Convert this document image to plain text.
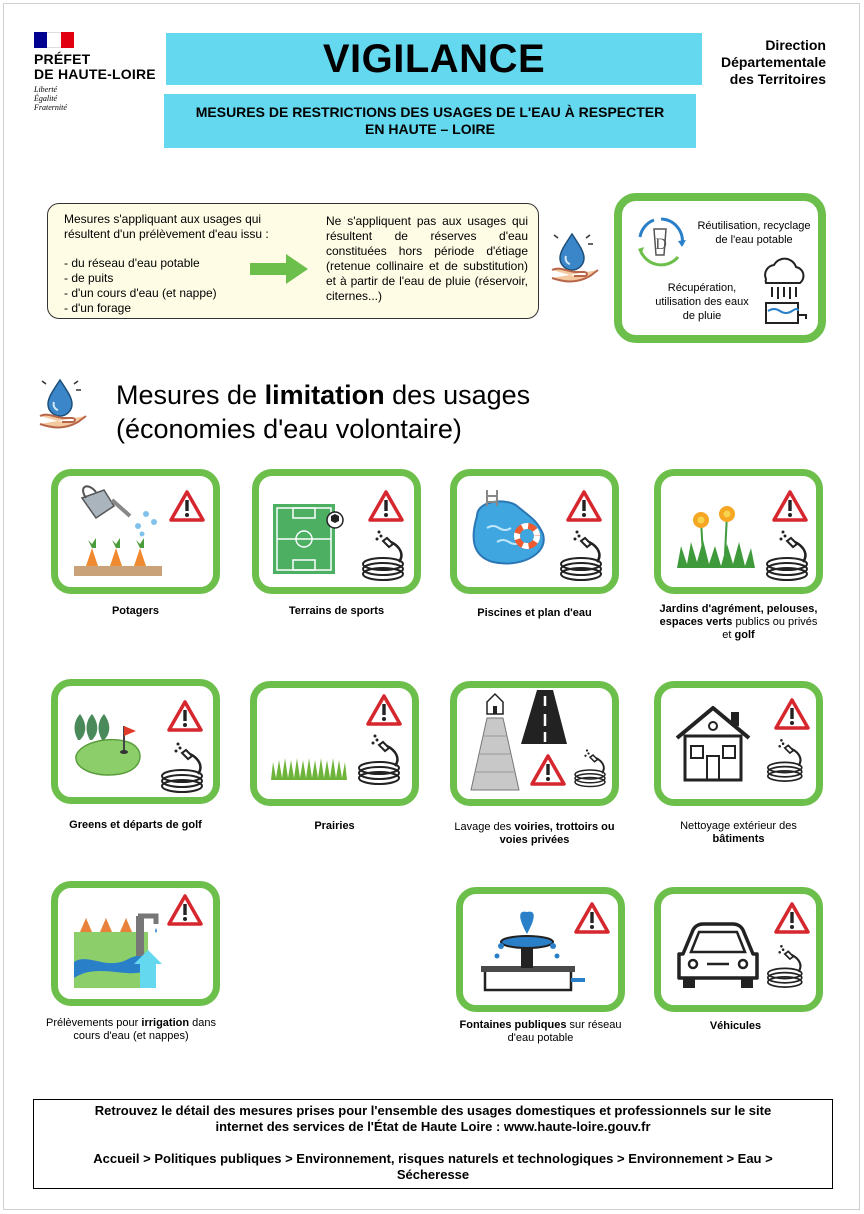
PRÉFET
DE HAUTE-LOIRE
Liberté
Égalité
Fraternité
VIGILANCE
MESURES DE RESTRICTIONS DES USAGES DE L'EAU À RESPECTER
EN HAUTE – LOIRE
Direction
Départementale
des Territoires
Mesures s'appliquant aux usages qui résultent d'un prélèvement d'eau issu :
- du réseau d'eau potable
- de puits
- d'un cours d'eau (et nappe)
- d'un forage
Ne s'appliquent pas aux usages qui résultent de réserves d'eau constituées hors période d'étiage (retenue collinaire et de substitution) et à partir de l'eau de pluie (réservoir, citernes...)
D
Réutilisation, recyclage de l'eau potable
Récupération, utilisation des eaux de pluie
Mesures de limitation des usages
(économies d'eau volontaire)
Potagers	Terrains de sports	Piscines et plan d'eau	Jardins d'agrément, pelouses, espaces verts publics ou privés et golf
Greens et départs de golf	Prairies	Lavage des voiries, trottoirs ou voies privées
Nettoyage extérieur des
bâtiments
Prélèvements pour irrigation dans cours d'eau (et nappes)
Fontaines publiques sur réseau d'eau potable
Véhicules

Retrouvez le détail des mesures prises pour l'ensemble des usages domestiques et professionnels sur le site

internet des services de l'État de Haute Loire : www.haute-loire.gouv.fr

Accueil > Politiques publiques > Environnement, risques naturels et technologiques > Environnement > Eau >

Sécheresse
